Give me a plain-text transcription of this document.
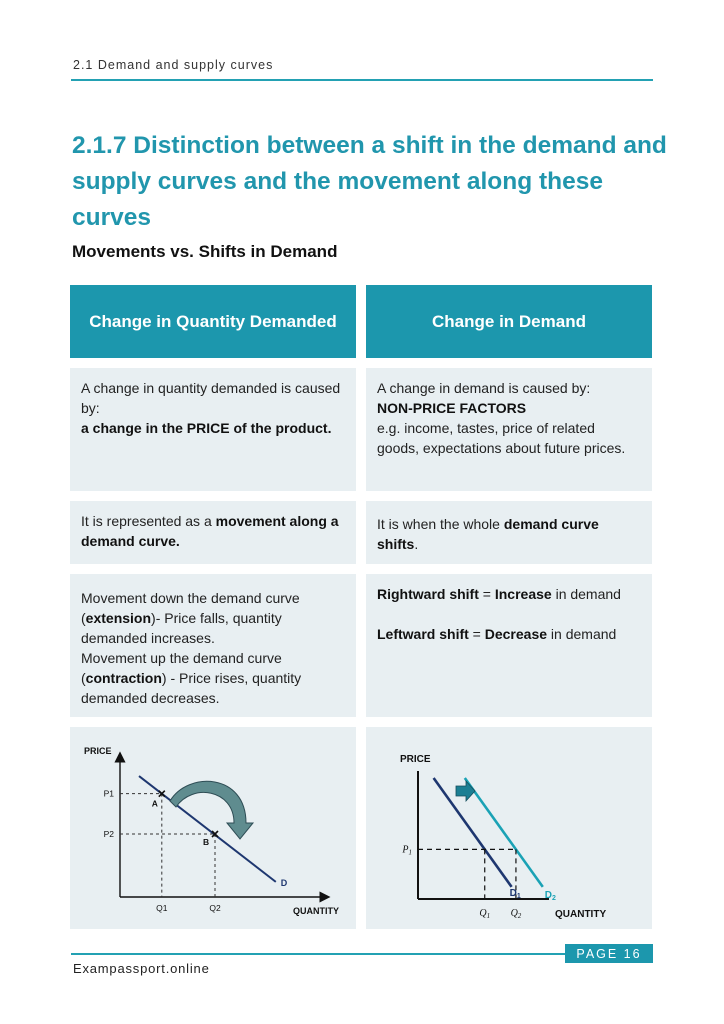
2.1 Demand and supply curves
2.1.7 Distinction between a shift in the demand and supply curves and the movement along these curves
Movements vs. Shifts in Demand
Change in Quantity Demanded	Change in Demand

A change in quantity demanded is caused by:

a change in the PRICE of the product.

A change in demand is caused by:

NON-PRICE FACTORS

e.g. income, tastes, price of related goods, expectations about future prices.

It is represented as a movement along a demand curve.

It is when the whole demand curve shifts.

Movement down the demand curve

(extension)- Price falls, quantity

demanded increases.

Movement up the demand curve

(contraction) - Price rises, quantity

demanded decreases.

Rightward shift = Increase in demand

Leftward shift = Decrease in demand

PRICE
QUANTITY
D
P1
P2
Q1	Q2
A
B
PRICE
QUANTITY
$P_1$
$Q_1$ $Q_2$
$D_1$ $D_2$
PAGE 16
Exampassport.online
